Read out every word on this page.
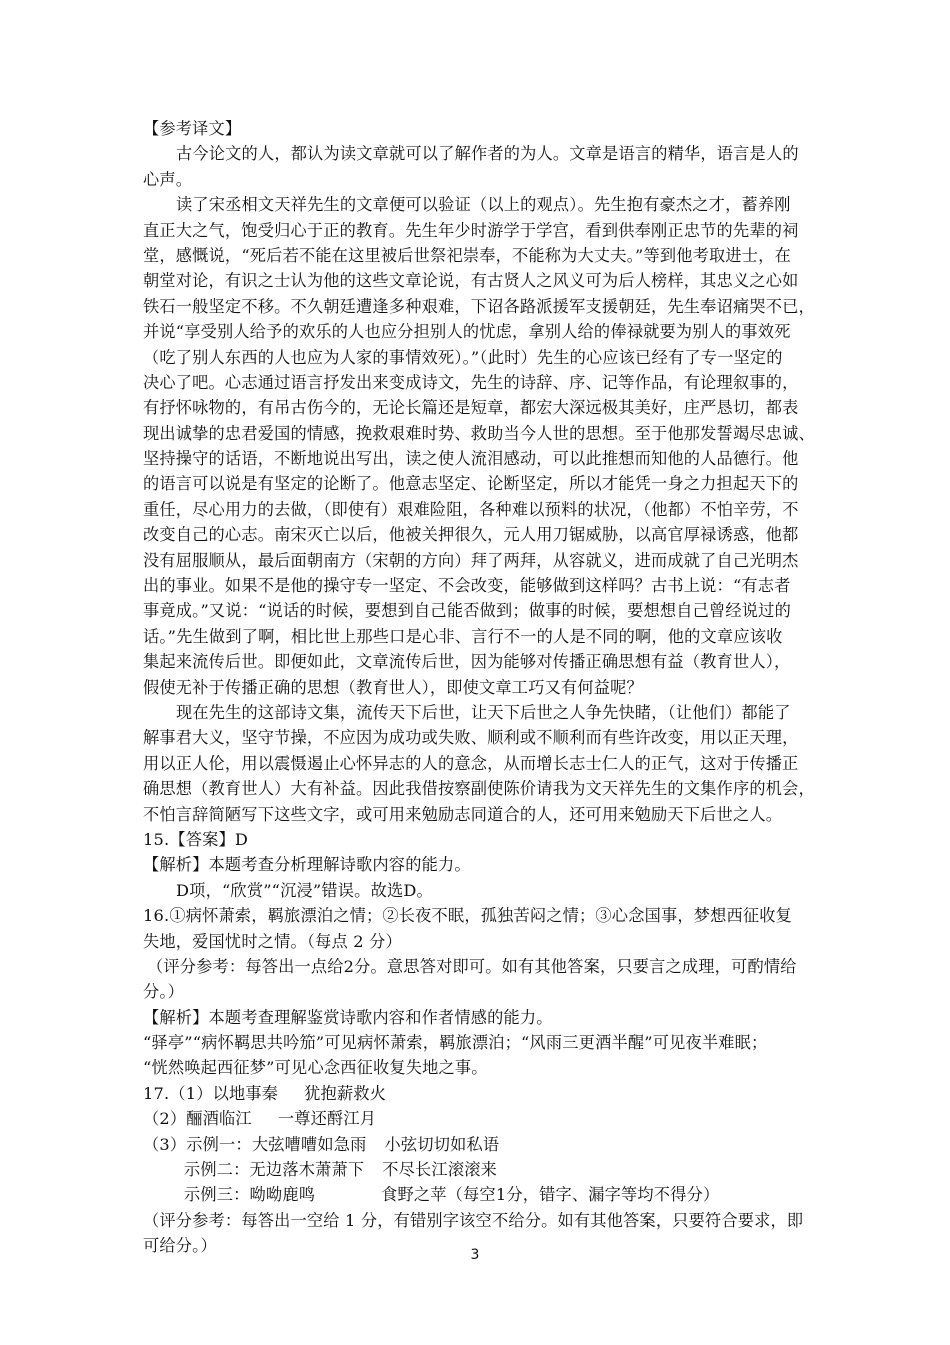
【参考译文】
古今论文的人，都认为读文章就可以了解作者的为人。文章是语言的精华，语言是人的
心声。
读了宋丞相文天祥先生的文章便可以验证（以上的观点）。先生抱有豪杰之才，蓄养刚
直正大之气，饱受归心于正的教育。先生年少时游学于学宫，看到供奉刚正忠节的先辈的祠
堂，感慨说，“死后若不能在这里被后世祭祀崇奉，不能称为大丈夫。”等到他考取进士，在
朝堂对论，有识之士认为他的这些文章论说，有古贤人之风义可为后人榜样，其忠义之心如
铁石一般坚定不移。不久朝廷遭逢多种艰难，下诏各路派援军支援朝廷，先生奉诏痛哭不已，
并说“享受别人给予的欢乐的人也应分担别人的忧虑，拿别人给的俸禄就要为别人的事效死
（吃了别人东西的人也应为人家的事情效死）。”（此时）先生的心应该已经有了专一坚定的
决心了吧。心志通过语言抒发出来变成诗文，先生的诗辞、序、记等作品，有论理叙事的，
有抒怀咏物的，有吊古伤今的，无论长篇还是短章，都宏大深远极其美好，庄严恳切，都表
现出诚挚的忠君爱国的情感，挽救艰难时势、救助当今人世的思想。至于他那发誓竭尽忠诚、
坚持操守的话语，不断地说出写出，读之使人流泪感动，可以此推想而知他的人品德行。他
的语言可以说是有坚定的论断了。他意志坚定、论断坚定，所以才能凭一身之力担起天下的
重任，尽心用力的去做，（即使有）艰难险阻，各种难以预料的状况，（他都）不怕辛劳，不
改变自己的心志。南宋灭亡以后，他被关押很久，元人用刀锯威胁，以高官厚禄诱惑，他都
没有屈服顺从，最后面朝南方（宋朝的方向）拜了两拜，从容就义，进而成就了自己光明杰
出的事业。如果不是他的操守专一坚定、不会改变，能够做到这样吗？古书上说：“有志者
事竟成。”又说：“说话的时候，要想到自己能否做到；做事的时候，要想想自己曾经说过的
话。”先生做到了啊，相比世上那些口是心非、言行不一的人是不同的啊，他的文章应该收
集起来流传后世。即便如此，文章流传后世，因为能够对传播正确思想有益（教育世人），
假使无补于传播正确的思想（教育世人），即使文章工巧又有何益呢？
现在先生的这部诗文集，流传天下后世，让天下后世之人争先快睹，（让他们）都能了
解事君大义，坚守节操，不应因为成功或失败、顺利或不顺利而有些许改变，用以正天理，
用以正人伦，用以震慑遏止心怀异志的人的意念，从而增长志士仁人的正气，这对于传播正
确思想（教育世人）大有补益。因此我借按察副使陈价请我为文天祥先生的文集作序的机会，
不怕言辞简陋写下这些文字，或可用来勉励志同道合的人，还可用来勉励天下后世之人。
15.【答案】D
【解析】本题考查分析理解诗歌内容的能力。
D项，“欣赏”“沉浸”错误。故选D。
16.①病怀萧索，羁旅漂泊之情；②长夜不眠，孤独苦闷之情；③心念国事，梦想西征收复
失地，爱国忧时之情。（每点 2 分）
（评分参考：每答出一点给2分。意思答对即可。如有其他答案，只要言之成理，可酌情给
分。）
【解析】本题考查理解鉴赏诗歌内容和作者情感的能力。
“驿亭”“病怀羁思共吟笳”可见病怀萧索，羁旅漂泊；“风雨三更酒半醒”可见夜半难眠；
“恍然唤起西征梦”可见心念西征收复失地之事。
17.（1）以地事秦 犹抱薪救火
（2）酾酒临江 一尊还酹江月
（3）示例一：大弦嘈嘈如急雨 小弦切切如私语
示例二：无边落木萧萧下 不尽长江滚滚来
示例三：呦呦鹿鸣	食野之苹（每空1分，错字、漏字等均不得分）
（评分参考：每答出一空给 1 分，有错别字该空不给分。如有其他答案，只要符合要求，即
可给分。）	3
